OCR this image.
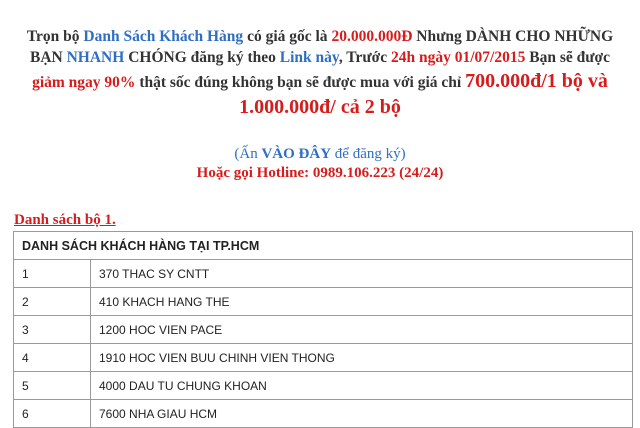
Trọn bộ Danh Sách Khách Hàng có giá gốc là 20.000.000Đ Nhưng DÀNH CHO NHỮNG

BẠN NHANH CHÓNG đăng ký theo Link này, Trước 24h ngày 01/07/2015 Bạn sẽ được

giảm ngay 90% thật sốc đúng không bạn sẽ được mua với giá chỉ 700.000đ/1 bộ và

1.000.000đ/ cả 2 bộ

(Ấn VÀO ĐÂY để đăng ký)
Hoặc gọi Hotline: 0989.106.223 (24/24)
Danh sách bộ 1.
DANH SÁCH KHÁCH HÀNG TẠI TP.HCM	
1	370 THAC SY CNTT
2	410 KHACH HANG THE
3	1200 HOC VIEN PACE
4	1910 HOC VIEN BUU CHINH VIEN THONG
5	4000 DAU TU CHUNG KHOAN
6	7600 NHA GIAU HCM
